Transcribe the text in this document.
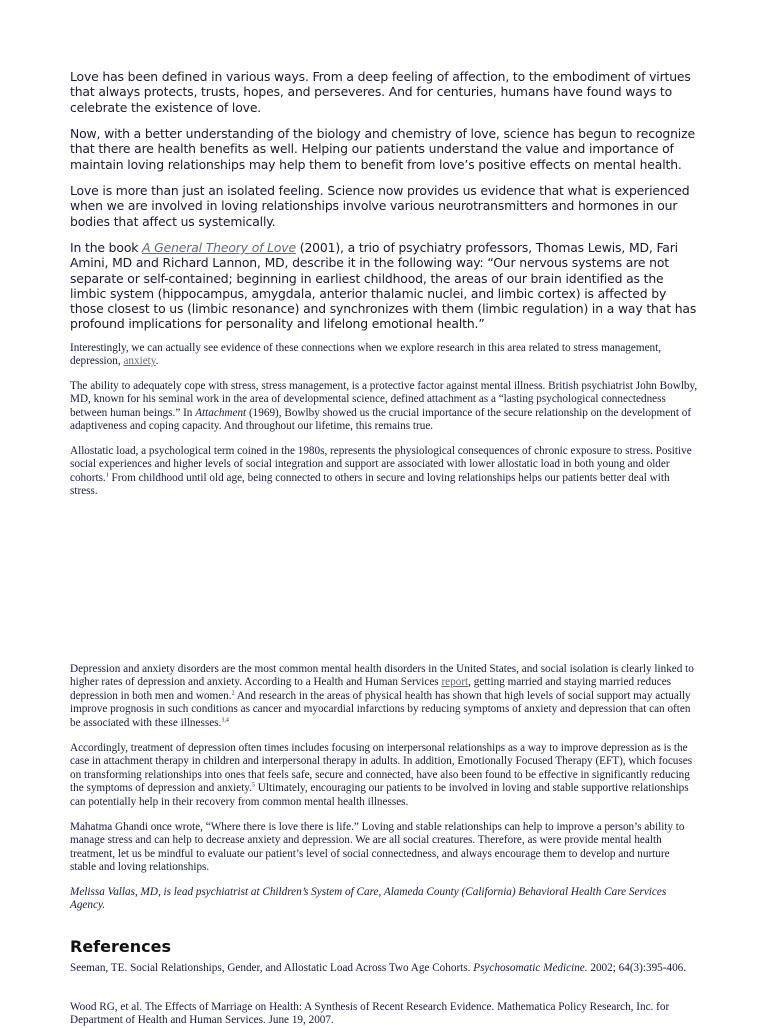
Love has been defined in various ways. From a deep feeling of affection, to the embodiment of virtues that always protects, trusts, hopes, and perseveres. And for centuries, humans have found ways to celebrate the existence of love.

Now, with a better understanding of the biology and chemistry of love, science has begun to recognize that there are health benefits as well. Helping our patients understand the value and importance of maintain loving relationships may help them to benefit from love’s positive effects on mental health.

Love is more than just an isolated feeling. Science now provides us evidence that what is experienced when we are involved in loving relationships involve various neurotransmitters and hormones in our bodies that affect us systemically.

In the book A General Theory of Love (2001), a trio of psychiatry professors, Thomas Lewis, MD, Fari Amini, MD and Richard Lannon, MD, describe it in the following way: “Our nervous systems are not separate or self-contained; beginning in earliest childhood, the areas of our brain identified as the limbic system (hippocampus, amygdala, anterior thalamic nuclei, and limbic cortex) is affected by those closest to us (limbic resonance) and synchronizes with them (limbic regulation) in a way that has profound implications for personality and lifelong emotional health.”

Interestingly, we can actually see evidence of these connections when we explore research in this area related to stress management, depression, anxiety.

The ability to adequately cope with stress, stress management, is a protective factor against mental illness. British psychiatrist John Bowlby, MD, known for his seminal work in the area of developmental science, defined attachment as a “lasting psychological connectedness between human beings.” In Attachment (1969), Bowlby showed us the crucial importance of the secure relationship on the development of adaptiveness and coping capacity. And throughout our lifetime, this remains true.

Allostatic load, a psychological term coined in the 1980s, represents the physiological consequences of chronic exposure to stress. Positive social experiences and higher levels of social integration and support are associated with lower allostatic load in both young and older cohorts.$^1$ From childhood until old age, being connected to others in secure and loving relationships helps our patients better deal with stress.

Depression and anxiety disorders are the most common mental health disorders in the United States, and social isolation is clearly linked to higher rates of depression and anxiety. According to a Health and Human Services report, getting married and staying married reduces depression in both men and women.$^2$ And research in the areas of physical health has shown that high levels of social support may actually improve prognosis in such conditions as cancer and myocardial infarctions by reducing symptoms of anxiety and depression that can often be associated with these illnesses.$^{3,4}$

Accordingly, treatment of depression often times includes focusing on interpersonal relationships as a way to improve depression as is the case in attachment therapy in children and interpersonal therapy in adults. In addition, Emotionally Focused Therapy (EFT), which focuses on transforming relationships into ones that feels safe, secure and connected, have also been found to be effective in significantly reducing the symptoms of depression and anxiety.$^5$ Ultimately, encouraging our patients to be involved in loving and stable supportive relationships can potentially help in their recovery from common mental health illnesses.

Mahatma Ghandi once wrote, “Where there is love there is life.” Loving and stable relationships can help to improve a person’s ability to manage stress and can help to decrease anxiety and depression. We are all social creatures. Therefore, as were provide mental health treatment, let us be mindful to evaluate our patient’s level of social connectedness, and always encourage them to develop and nurture stable and loving relationships.

Melissa Vallas, MD, is lead psychiatrist at Children’s System of Care, Alameda County (California) Behavioral Health Care Services Agency.

References

Seeman, TE. Social Relationships, Gender, and Allostatic Load Across Two Age Cohorts. Psychosomatic Medicine. 2002; 64(3):395-406.

Wood RG, et al. The Effects of Marriage on Health: A Synthesis of Recent Research Evidence. Mathematica Policy Research, Inc. for Department of Health and Human Services. June 19, 2007.
